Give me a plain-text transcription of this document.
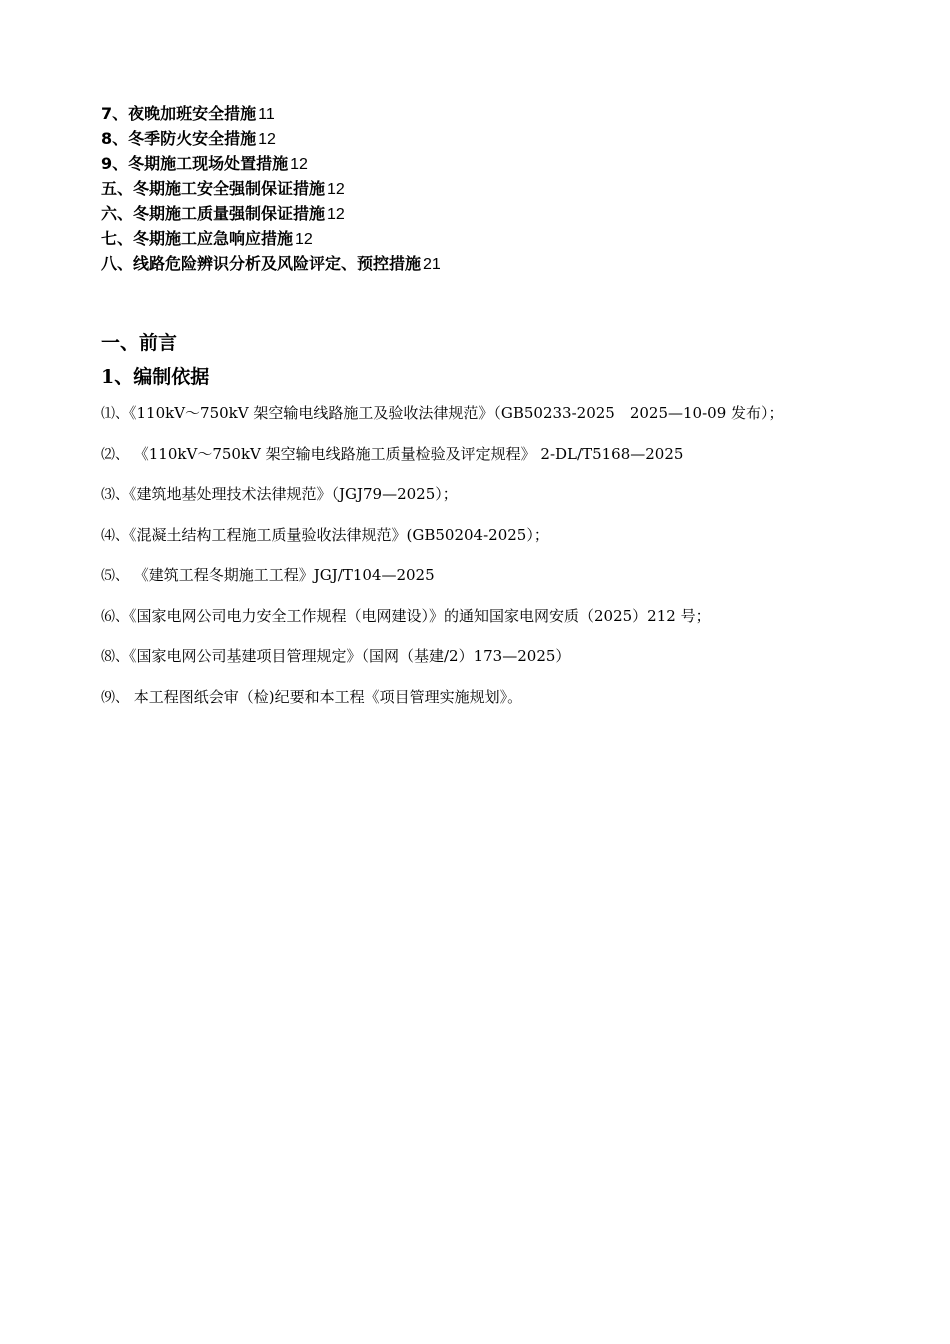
7、夜晚加班安全措施 11
8、冬季防火安全措施 12
9、冬期施工现场处置措施 12
五、冬期施工安全强制保证措施 12
六、冬期施工质量强制保证措施 12
七、冬期施工应急响应措施 12
八、线路危险辨识分析及风险评定、预控措施 21
一、前言
1、编制依据
⑴、《110kV～750kV 架空输电线路施工及验收法律规范》（GB50233-2025　2025—10-09 发布）；
⑵、 《110kV～750kV 架空输电线路施工质量检验及评定规程》 2-DL/T5168—2025
⑶、《建筑地基处理技术法律规范》（JGJ79—2025）；
⑷、《混凝土结构工程施工质量验收法律规范》(GB50204-2025）；
⑸、 《建筑工程冬期施工工程》JGJ/T104—2025
⑹、《国家电网公司电力安全工作规程（电网建设）》的通知国家电网安质（2025）212 号；
⑻、《国家电网公司基建项目管理规定》（国网（基建/2）173—2025）
⑼、 本工程图纸会审（检)纪要和本工程《项目管理实施规划》。
